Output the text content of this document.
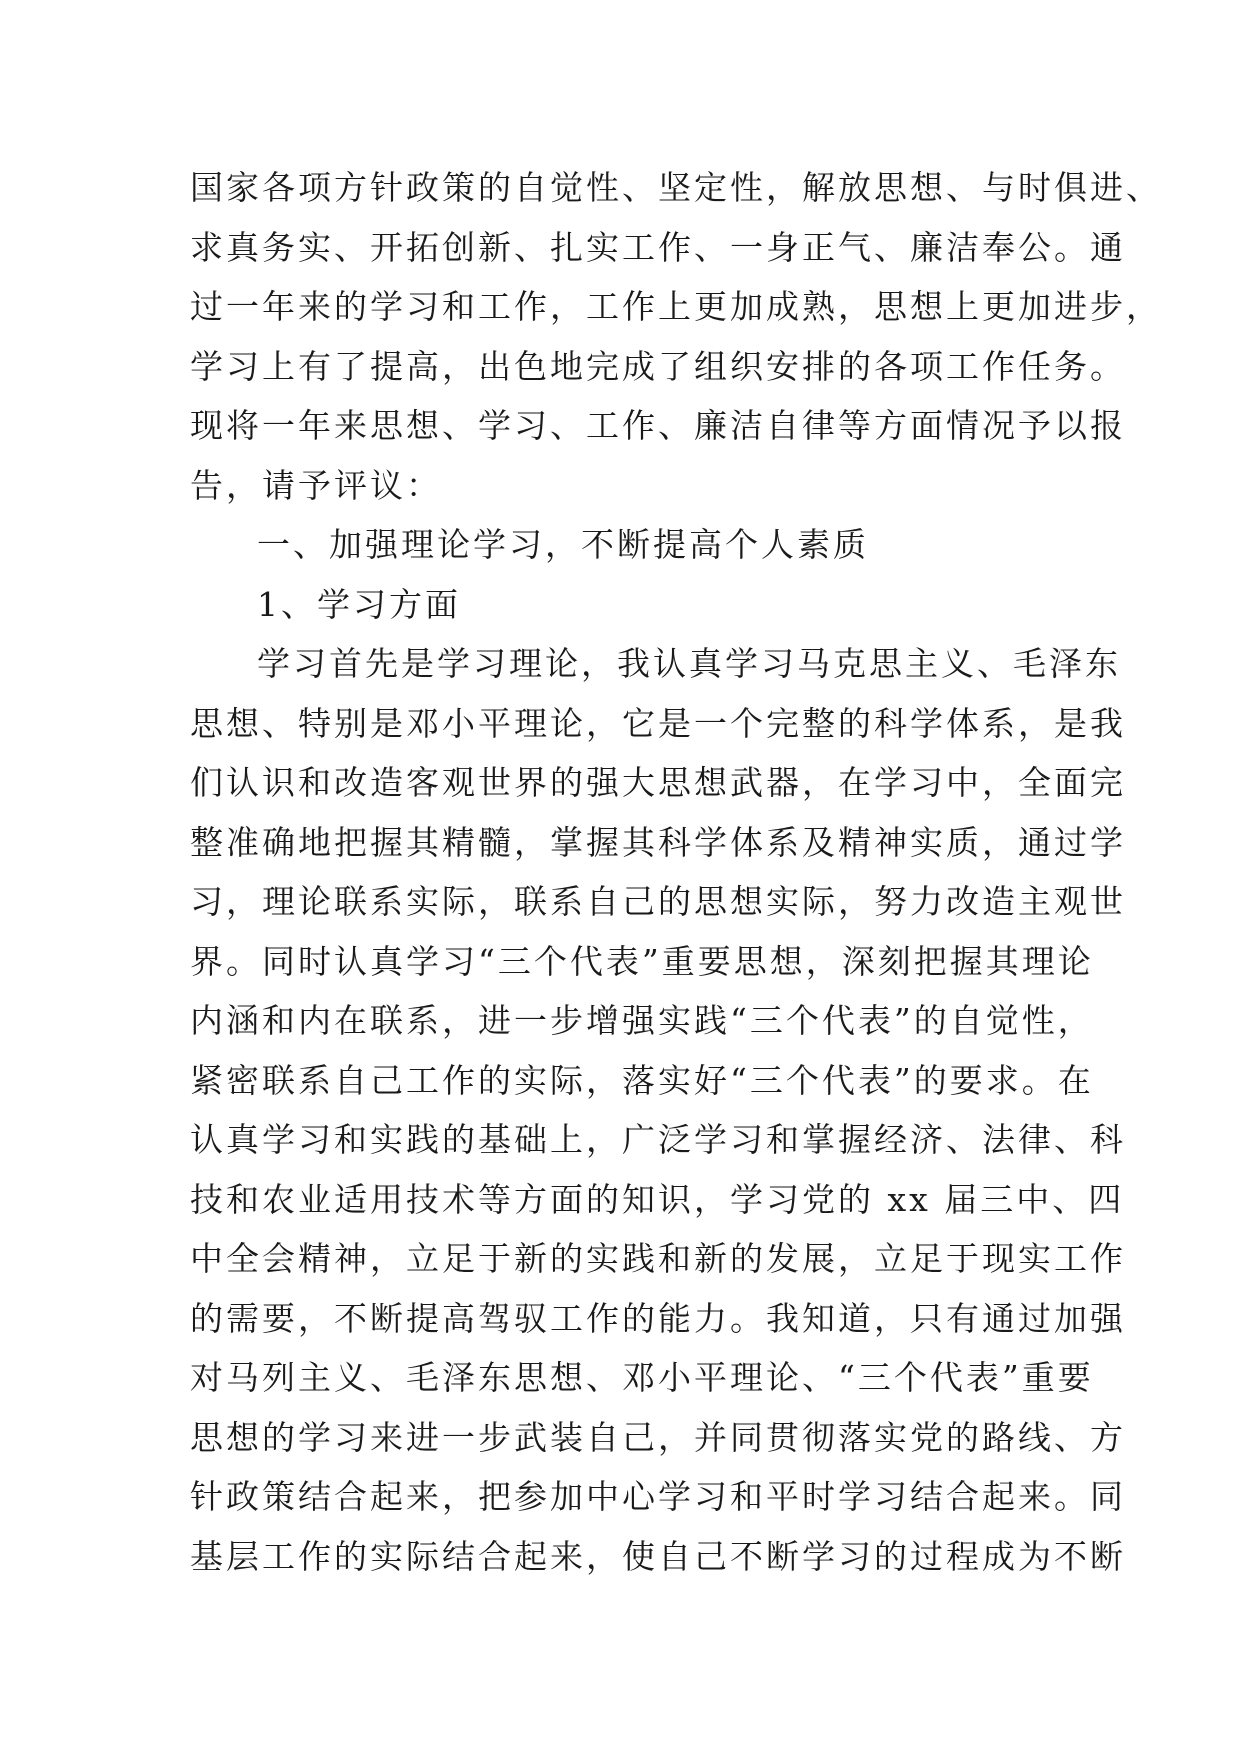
国家各项方针政策的自觉性、坚定性，解放思想、与时俱进、
求真务实、开拓创新、扎实工作、一身正气、廉洁奉公。通
过一年来的学习和工作，工作上更加成熟，思想上更加进步，
学习上有了提高，出色地完成了组织安排的各项工作任务。
现将一年来思想、学习、工作、廉洁自律等方面情况予以报
告，请予评议：
一、加强理论学习，不断提高个人素质
1、学习方面
学习首先是学习理论，我认真学习马克思主义、毛泽东
思想、特别是邓小平理论，它是一个完整的科学体系，是我
们认识和改造客观世界的强大思想武器，在学习中，全面完
整准确地把握其精髓，掌握其科学体系及精神实质，通过学
习，理论联系实际，联系自己的思想实际，努力改造主观世
界。同时认真学习“三个代表”重要思想，深刻把握其理论
内涵和内在联系，进一步增强实践“三个代表”的自觉性，
紧密联系自己工作的实际，落实好“三个代表”的要求。在
认真学习和实践的基础上，广泛学习和掌握经济、法律、科
技和农业适用技术等方面的知识，学习党的 xx 届三中、四
中全会精神，立足于新的实践和新的发展，立足于现实工作
的需要，不断提高驾驭工作的能力。我知道，只有通过加强
对马列主义、毛泽东思想、邓小平理论、“三个代表”重要
思想的学习来进一步武装自己，并同贯彻落实党的路线、方
针政策结合起来，把参加中心学习和平时学习结合起来。同
基层工作的实际结合起来，使自己不断学习的过程成为不断
